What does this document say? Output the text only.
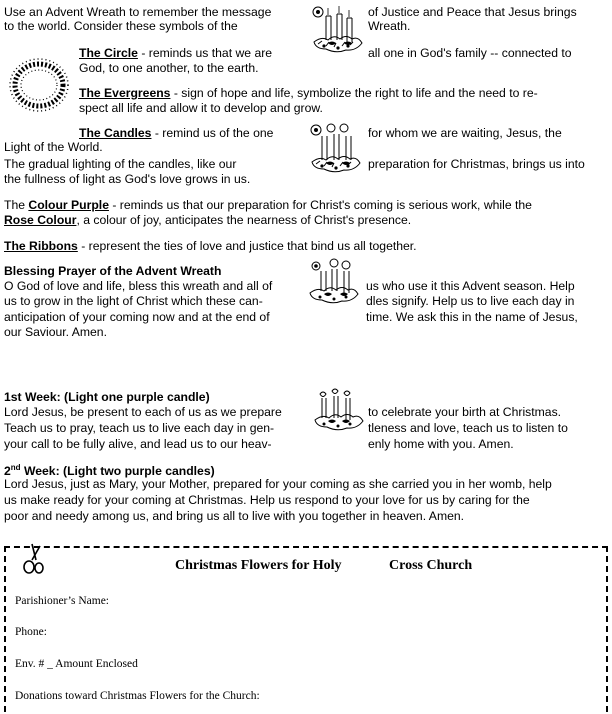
Use an Advent Wreath to remember the message	of Justice and Peace that Jesus brings
to the world. Consider these symbols of the	Wreath.
The Circle - reminds us that we are	all one in God's family -- connected to
God, to one another, to the earth.
The Evergreens - sign of hope and life, symbolize the right to life and the need to re-
spect all life and allow it to develop and grow.
The Candles - remind us of the one	for whom we are waiting, Jesus, the
Light of the World.
The gradual lighting of the candles, like our	preparation for Christmas, brings us into
the fullness of light as God's love grows in us.
The Colour Purple - reminds us that our preparation for Christ's coming is serious work, while the
Rose Colour, a colour of joy, anticipates the nearness of Christ's presence.
The Ribbons - represent the ties of love and justice that bind us all together.
Blessing Prayer of the Advent Wreath
O God of love and life, bless this wreath and all of	us who use it this Advent season. Help
us to grow in the light of Christ which these can-	dles signify. Help us to live each day in
anticipation of your coming now and at the end of	time. We ask this in the name of Jesus,
our Saviour. Amen.
1st Week: (Light one purple candle)
Lord Jesus, be present to each of us as we prepare	to celebrate your birth at Christmas.
Teach us to pray, teach us to live each day in gen-	tleness and love, teach us to listen to
your call to be fully alive, and lead us to our heav-	enly home with you. Amen.
2nd Week: (Light two purple candles)
Lord Jesus, just as Mary, your Mother, prepared for your coming as she carried you in her womb, help
us make ready for your coming at Christmas. Help us respond to your love for us by caring for the
poor and needy among us, and bring us all to live with you together in heaven. Amen.
Christmas Flowers for Holy	Cross Church
Parishioner’s Name:
Phone:
Env. # _ Amount Enclosed
Donations toward Christmas Flowers for the Church:
